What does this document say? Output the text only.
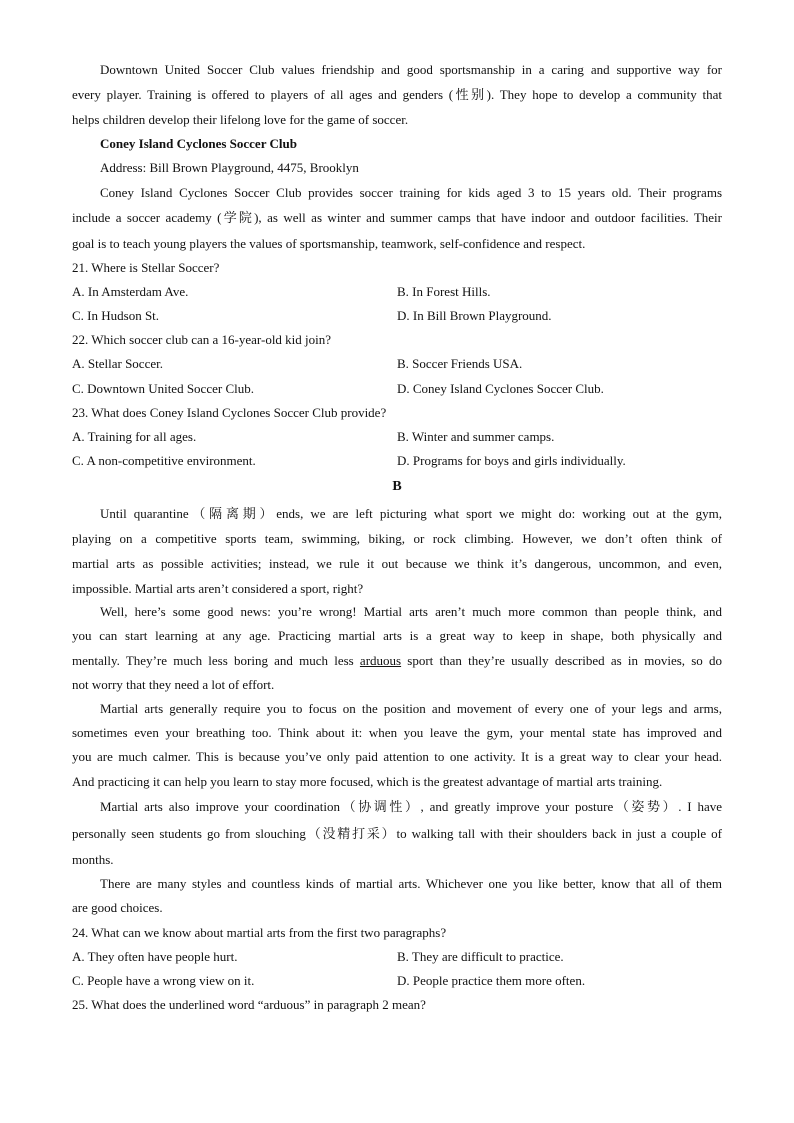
Downtown United Soccer Club values friendship and good sportsmanship in a caring and supportive way for
every player. Training is offered to players of all ages and genders (性别). They hope to develop a community that
helps children develop their lifelong love for the game of soccer.
Coney Island Cyclones Soccer Club
Address: Bill Brown Playground, 4475, Brooklyn
Coney Island Cyclones Soccer Club provides soccer training for kids aged 3 to 15 years old. Their programs
include a soccer academy (学院), as well as winter and summer camps that have indoor and outdoor facilities. Their
goal is to teach young players the values of sportsmanship, teamwork, self-confidence and respect.
21. Where is Stellar Soccer?
A. In Amsterdam Ave.	B. In Forest Hills.
C. In Hudson St.	D. In Bill Brown Playground.
22. Which soccer club can a 16-year-old kid join?
A. Stellar Soccer.	B. Soccer Friends USA.
C. Downtown United Soccer Club.	D. Coney Island Cyclones Soccer Club.
23. What does Coney Island Cyclones Soccer Club provide?
A. Training for all ages.	B. Winter and summer camps.
C. A non-competitive environment.	D. Programs for boys and girls individually.
B
Until quarantine（隔离期）ends, we are left picturing what sport we might do: working out at the gym,
playing on a competitive sports team, swimming, biking, or rock climbing. However, we don’t often think of
martial arts as possible activities; instead, we rule it out because we think it’s dangerous, uncommon, and even,
impossible. Martial arts aren’t considered a sport, right?
Well, here’s some good news: you’re wrong! Martial arts aren’t much more common than people think, and
you can start learning at any age. Practicing martial arts is a great way to keep in shape, both physically and
mentally. They’re much less boring and much less arduous sport than they’re usually described as in movies, so do
not worry that they need a lot of effort.
Martial arts generally require you to focus on the position and movement of every one of your legs and arms,
sometimes even your breathing too. Think about it: when you leave the gym, your mental state has improved and
you are much calmer. This is because you’ve only paid attention to one activity. It is a great way to clear your head.
And practicing it can help you learn to stay more focused, which is the greatest advantage of martial arts training.
Martial arts also improve your coordination（协调性）, and greatly improve your posture（姿势）. I have
personally seen students go from slouching（没精打采）to walking tall with their shoulders back in just a couple of
months.
There are many styles and countless kinds of martial arts. Whichever one you like better, know that all of them
are good choices.
24. What can we know about martial arts from the first two paragraphs?
A. They often have people hurt.	B. They are difficult to practice.
C. People have a wrong view on it.	D. People practice them more often.
25. What does the underlined word “arduous” in paragraph 2 mean?
